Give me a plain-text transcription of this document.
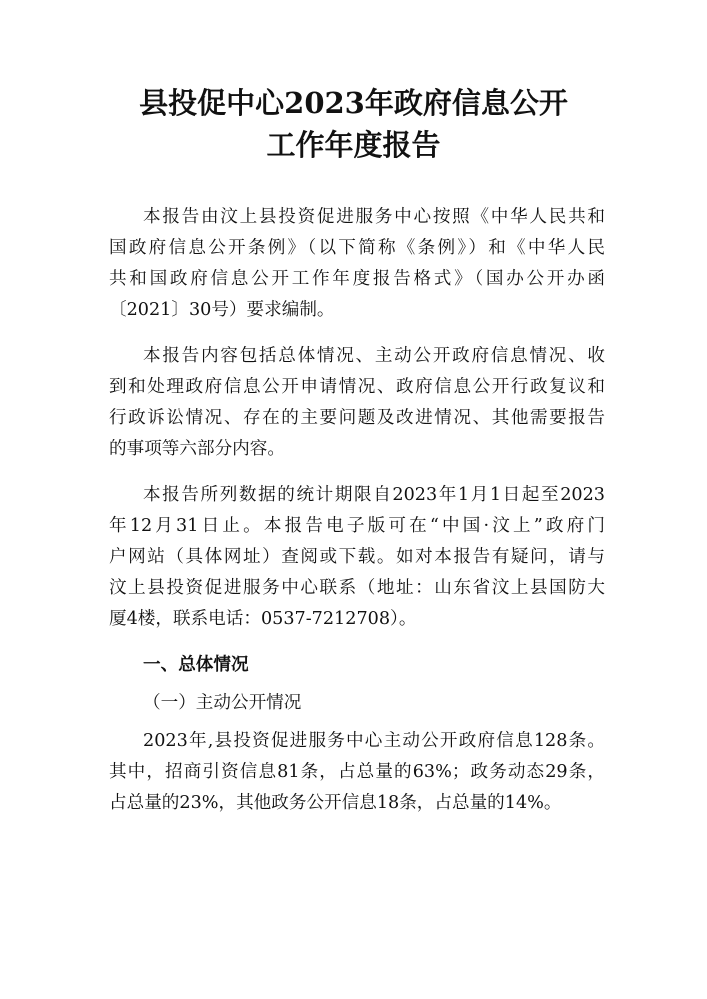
县投促中心2023年政府信息公开
工作年度报告
本报告由汶上县投资促进服务中心按照《中华人民共和
国政府信息公开条例》（以下简称《条例》）和《中华人民
共和国政府信息公开工作年度报告格式》（国办公开办函
〔2021〕30号）要求编制。
本报告内容包括总体情况、主动公开政府信息情况、收
到和处理政府信息公开申请情况、政府信息公开行政复议和
行政诉讼情况、存在的主要问题及改进情况、其他需要报告
的事项等六部分内容。
本报告所列数据的统计期限自2023年1月1日起至2023
年12月31日止。本报告电子版可在“中国·汶上”政府门
户网站（具体网址）查阅或下载。如对本报告有疑问，请与
汶上县投资促进服务中心联系（地址：山东省汶上县国防大
厦4楼，联系电话：0537-7212708）。
一、总体情况
（一）主动公开情况
2023年,县投资促进服务中心主动公开政府信息128条。
其中，招商引资信息81条，占总量的63%；政务动态29条，
占总量的23%，其他政务公开信息18条，占总量的14%。
